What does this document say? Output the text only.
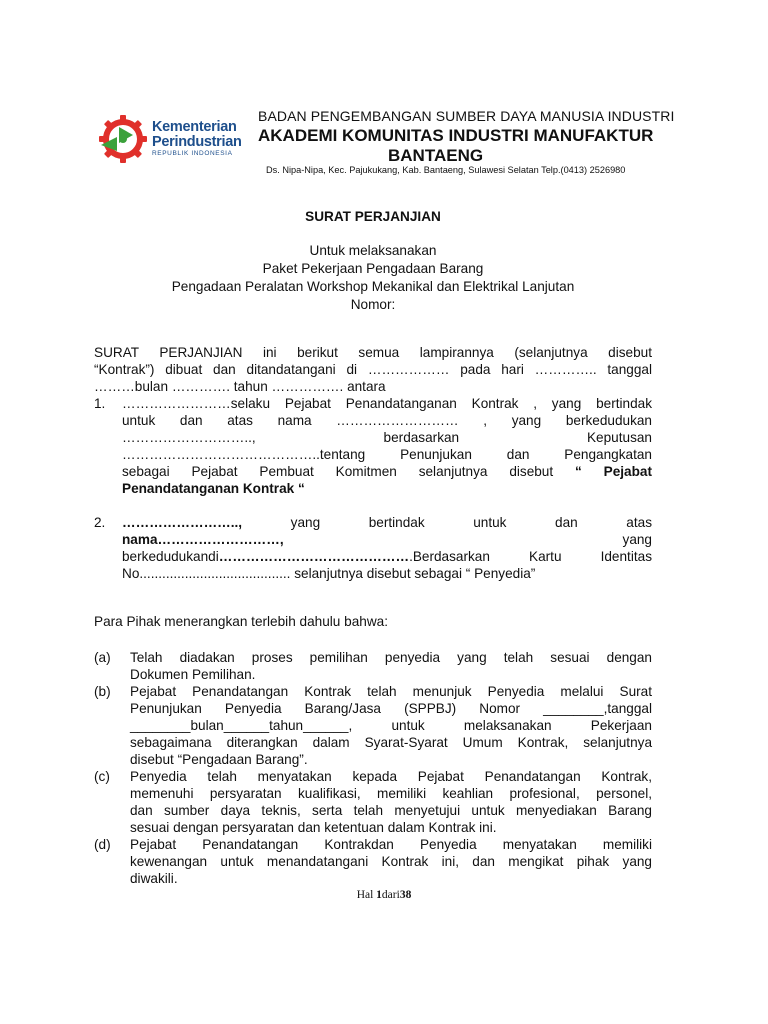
Kementerian
Perindustrian
REPUBLIK INDONESIA
BADAN PENGEMBANGAN SUMBER DAYA MANUSIA INDUSTRI
AKADEMI KOMUNITAS INDUSTRI MANUFAKTUR
BANTAENG
Ds. Nipa-Nipa, Kec. Pajukukang, Kab. Bantaeng, Sulawesi Selatan Telp.(0413) 2526980
SURAT PERJANJIAN
Untuk melaksanakan
Paket Pekerjaan Pengadaan Barang
Pengadaan Peralatan Workshop Mekanikal dan Elektrikal Lanjutan
Nomor:
SURAT PERJANJIAN ini berikut semua lampirannya (selanjutnya disebut
“Kontrak”) dibuat dan ditandatangani di ……………… pada hari ………….. tanggal
………bulan …………. tahun ……………. antara
1. ……………………selaku Pejabat Penandatanganan Kontrak , yang bertindak
untuk dan atas nama ……………………… , yang berkedudukan
……………………….., berdasarkan Keputusan
……………………………………..tentang Penunjukan dan Pengangkatan
sebagai Pejabat Pembuat Komitmen selanjutnya disebut “ Pejabat
Penandatanganan Kontrak “
2. ……………………..,	yang bertindak untuk dan atas
nama………………………,	yang
berkedudukandi…………………………………….Berdasarkan Kartu Identitas
No........................................ selanjutnya disebut sebagai “ Penyedia”
Para Pihak menerangkan terlebih dahulu bahwa:
(a) Telah diadakan proses pemilihan penyedia yang telah sesuai dengan
Dokumen Pemilihan.
(b) Pejabat Penandatangan Kontrak telah menunjuk Penyedia melalui Surat
Penunjukan Penyedia Barang/Jasa (SPPBJ) Nomor ________,tanggal
________bulan______tahun______, untuk melaksanakan Pekerjaan
sebagaimana diterangkan dalam Syarat-Syarat Umum Kontrak, selanjutnya
disebut “Pengadaan Barang”.
(c) Penyedia telah menyatakan kepada Pejabat Penandatangan Kontrak,
memenuhi persyaratan kualifikasi, memiliki keahlian profesional, personel,
dan sumber daya teknis, serta telah menyetujui untuk menyediakan Barang
sesuai dengan persyaratan dan ketentuan dalam Kontrak ini.
(d) Pejabat Penandatangan Kontrakdan Penyedia menyatakan memiliki
kewenangan untuk menandatangani Kontrak ini, dan mengikat pihak yang
diwakili.
Hal 1dari38
